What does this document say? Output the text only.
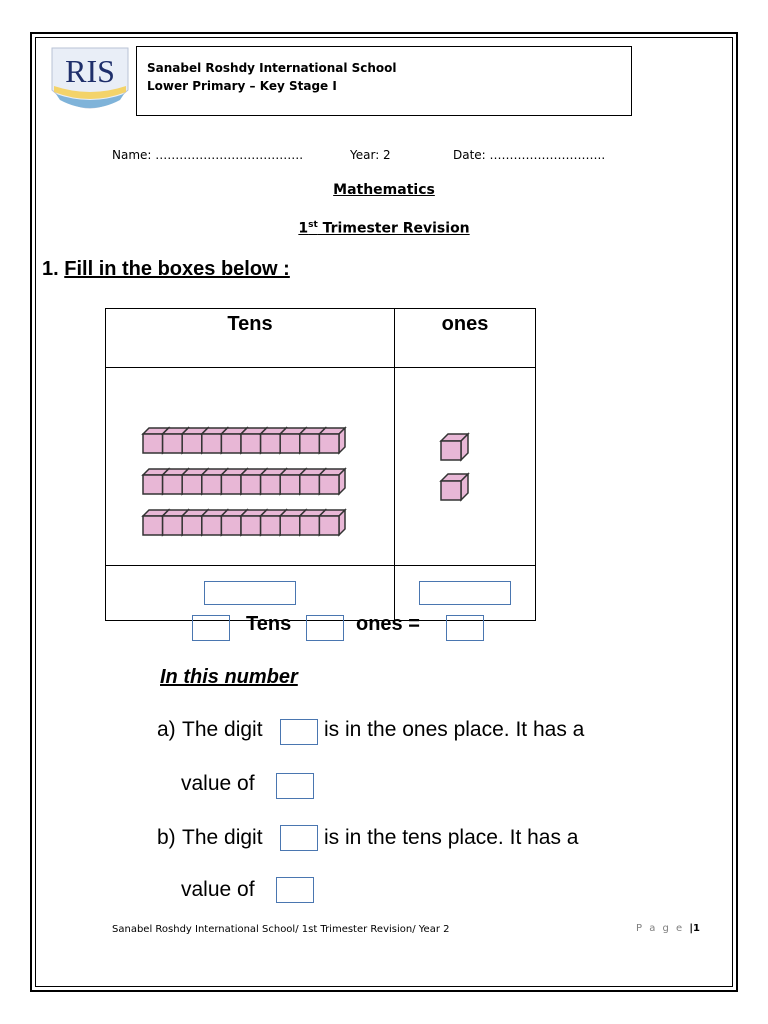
RIS	Sanabel Roshdy International School
Lower Primary – Key Stage I
Name: ……………………………….	Year: 2	Date: ………………………..
Mathematics
1st Trimester Revision
1. Fill in the boxes below :
Tens	ones

Tens	ones =
In this number
a) The digit	is in the ones place. It has a
value of
b) The digit	is in the tens place. It has a
value of
Sanabel Roshdy International School/ 1st Trimester Revision/ Year 2	P a g e |1
